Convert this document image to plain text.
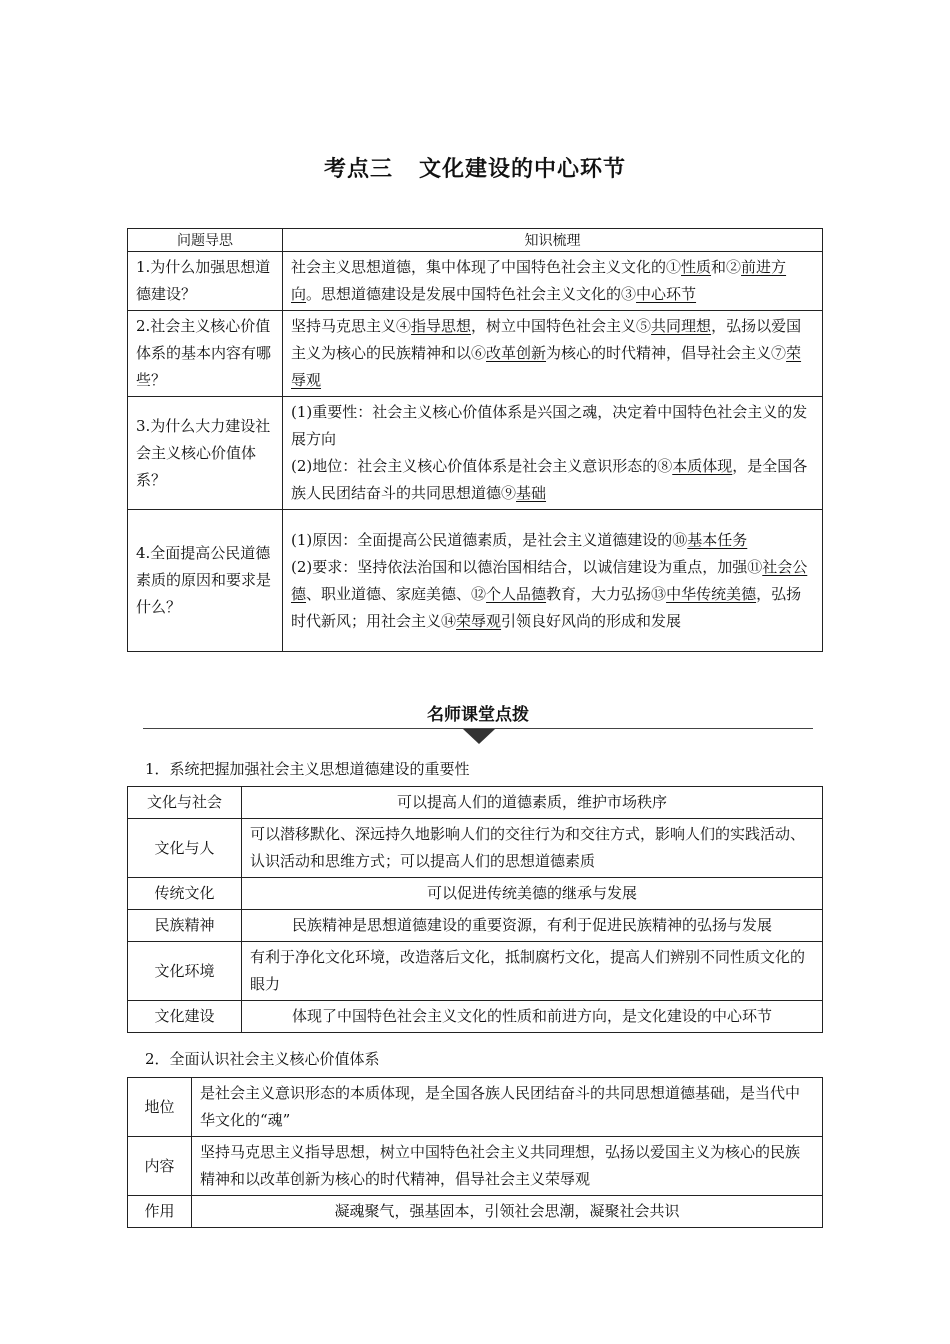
考点三 文化建设的中心环节
问题导思	知识梳理
1.为什么加强思想道德建设？	社会主义思想道德，集中体现了中国特色社会主义文化的①性质和②前进方向。思想道德建设是发展中国特色社会主义文化的③中心环节
2.社会主义核心价值体系的基本内容有哪些？	坚持马克思主义④指导思想，树立中国特色社会主义⑤共同理想，弘扬以爱国主义为核心的民族精神和以⑥改革创新为核心的时代精神，倡导社会主义⑦荣辱观
3.为什么大力建设社会主义核心价值体系？	(1)重要性：社会主义核心价值体系是兴国之魂，决定着中国特色社会主义的发展方向
(2)地位：社会主义核心价值体系是社会主义意识形态的⑧本质体现，是全国各族人民团结奋斗的共同思想道德⑨基础
4.全面提高公民道德素质的原因和要求是什么？	(1)原因：全面提高公民道德素质，是社会主义道德建设的⑩基本任务
(2)要求：坚持依法治国和以德治国相结合，以诚信建设为重点，加强⑪社会公德、职业道德、家庭美德、⑫个人品德教育，大力弘扬⑬中华传统美德，弘扬时代新风；用社会主义⑭荣辱观引领良好风尚的形成和发展
名师课堂点拨
1．系统把握加强社会主义思想道德建设的重要性
文化与社会	可以提高人们的道德素质，维护市场秩序
文化与人	可以潜移默化、深远持久地影响人们的交往行为和交往方式，影响人们的实践活动、认识活动和思维方式；可以提高人们的思想道德素质
传统文化	可以促进传统美德的继承与发展
民族精神	民族精神是思想道德建设的重要资源，有利于促进民族精神的弘扬与发展
文化环境	有利于净化文化环境，改造落后文化，抵制腐朽文化，提高人们辨别不同性质文化的眼力
文化建设	体现了中国特色社会主义文化的性质和前进方向，是文化建设的中心环节
2．全面认识社会主义核心价值体系
地位	是社会主义意识形态的本质体现，是全国各族人民团结奋斗的共同思想道德基础，是当代中华文化的“魂”
内容	坚持马克思主义指导思想，树立中国特色社会主义共同理想，弘扬以爱国主义为核心的民族精神和以改革创新为核心的时代精神，倡导社会主义荣辱观
作用	凝魂聚气，强基固本，引领社会思潮，凝聚社会共识
